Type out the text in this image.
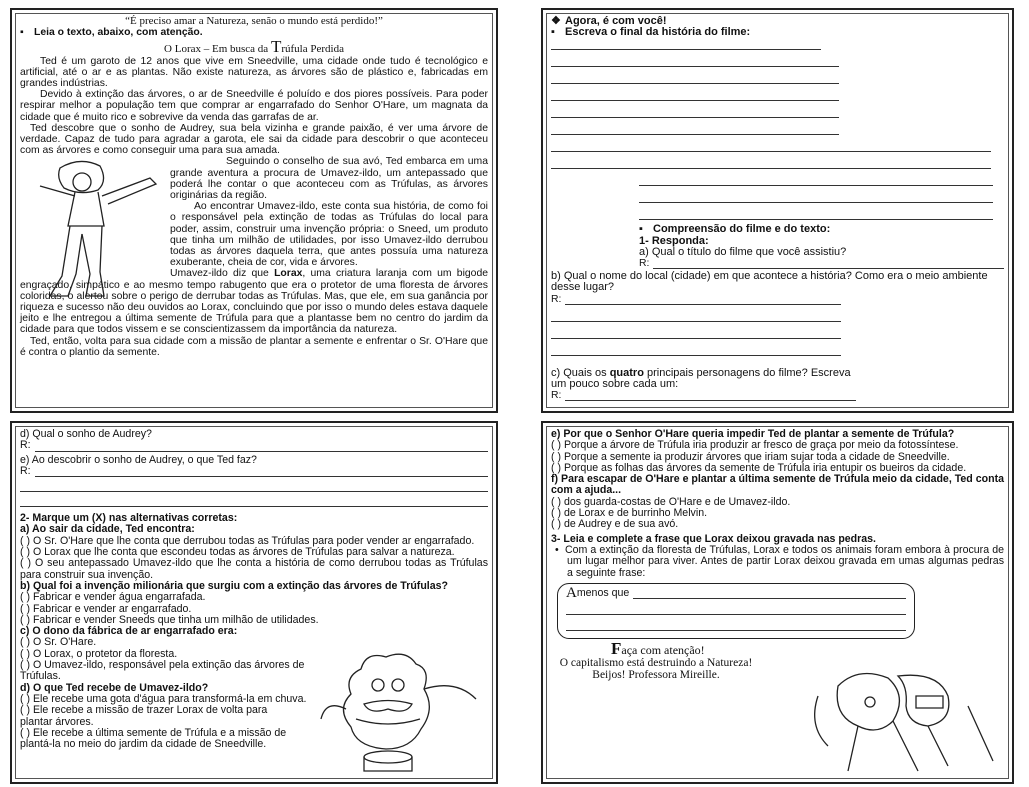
“É preciso amar a Natureza, senão o mundo está perdido!”
▪ Leia o texto, abaixo, com atenção.
O Lorax – Em busca da Trúfula Perdida
Ted é um garoto de 12 anos que vive em Sneedville, uma cidade onde tudo é tecnológico e artificial, até o ar e as plantas. Não existe natureza, as árvores são de plástico e, fabricadas em grandes indústrias.
Devido à extinção das árvores, o ar de Sneedville é poluído e dos piores possíveis. Para poder respirar melhor a população tem que comprar ar engarrafado do Senhor O'Hare, um magnata da cidade que é muito rico e sobrevive da venda das garrafas de ar.
Ted descobre que o sonho de Audrey, sua bela vizinha e grande paixão, é ver uma árvore de verdade. Capaz de tudo para agradar a garota, ele sai da cidade para descobrir o que aconteceu com as árvores e como conseguir uma para sua amada.
Seguindo o conselho de sua avó, Ted embarca em uma grande aventura a procura de Umavez-ildo, um antepassado que poderá lhe contar o que aconteceu com as Trúfulas, as árvores originárias da região.
Ao encontrar Umavez-ildo, este conta sua história, de como foi o responsável pela extinção de todas as Trúfulas do local para poder, assim, construir uma invenção própria: o Sneed, um produto que tinha um milhão de utilidades, por isso Umavez-ildo derrubou todas as árvores daquela terra, que antes possuía uma natureza exuberante, cheia de cor, vida e árvores.
Umavez-ildo diz que Lorax, uma criatura laranja com um bigode engraçado, simpático e ao mesmo tempo rabugento que era o protetor de uma floresta de árvores coloridas, o alertou sobre o perigo de derrubar todas as Trúfulas. Mas, que ele, em sua ganância por riqueza e sucesso não deu ouvidos ao Lorax, concluindo que por isso o mundo deles estava daquele jeito e lhe entregou a última semente de Trúfula para que a plantasse bem no centro do jardim da cidade para que todos vissem e se conscientizassem da importância da natureza.
Ted, então, volta para sua cidade com a missão de plantar a semente e enfrentar o Sr. O'Hare que é contra o plantio da semente.
❖ Agora, é com você!
▪ Escreva o final da história do filme:
▪ Compreensão do filme e do texto:
1- Responda:
a) Qual o título do filme que você assistiu?
R:
b) Qual o nome do local (cidade) em que acontece a história? Como era o meio ambiente desse lugar?
R:
c) Quais os quatro principais personagens do filme? Escreva um pouco sobre cada um:
R:
d) Qual o sonho de Audrey?
R:
e) Ao descobrir o sonho de Audrey, o que Ted faz?
R:
2- Marque um (X) nas alternativas corretas:
a) Ao sair da cidade, Ted encontra:
( ) O Sr. O'Hare que lhe conta que derrubou todas as Trúfulas para poder vender ar engarrafado.
( ) O Lorax que lhe conta que escondeu todas as árvores de Trúfulas para salvar a natureza.
( ) O seu antepassado Umavez-ildo que lhe conta a história de como derrubou todas as Trúfulas para construir sua invenção.
b) Qual foi a invenção milionária que surgiu com a extinção das árvores de Trúfulas?
( ) Fabricar e vender água engarrafada.
( ) Fabricar e vender ar engarrafado.
( ) Fabricar e vender Sneeds que tinha um milhão de utilidades.
c) O dono da fábrica de ar engarrafado era:
( ) O Sr. O'Hare.
( ) O Lorax, o protetor da floresta.
( ) O Umavez-ildo, responsável pela extinção das árvores de Trúfulas.
d) O que Ted recebe de Umavez-ildo?
( ) Ele recebe uma gota d'água para transformá-la em chuva.
( ) Ele recebe a missão de trazer Lorax de volta para plantar árvores.
( ) Ele recebe a última semente de Trúfula e a missão de plantá-la no meio do jardim da cidade de Sneedville.
e) Por que o Senhor O'Hare queria impedir Ted de plantar a semente de Trúfula?
( ) Porque a árvore de Trúfula iria produzir ar fresco de graça por meio da fotossíntese.
( ) Porque a semente ia produzir árvores que iriam sujar toda a cidade de Sneedville.
( ) Porque as folhas das árvores da semente de Trúfula iria entupir os bueiros da cidade.
f) Para escapar de O'Hare e plantar a última semente de Trúfula meio da cidade, Ted conta com a ajuda...
( ) dos guarda-costas de O'Hare e de Umavez-ildo.
( ) de Lorax e de burrinho Melvin.
( ) de Audrey e de sua avó.
3- Leia e complete a frase que Lorax deixou gravada nas pedras.
•  Com a extinção da floresta de Trúfulas, Lorax e todos os animais foram embora à procura de um lugar melhor para viver. Antes de partir Lorax deixou gravada em umas algumas pedras a seguinte frase:
A menos que
Faça com atenção!
O capitalismo está destruindo a Natureza!
Beijos! Professora Mireille.
